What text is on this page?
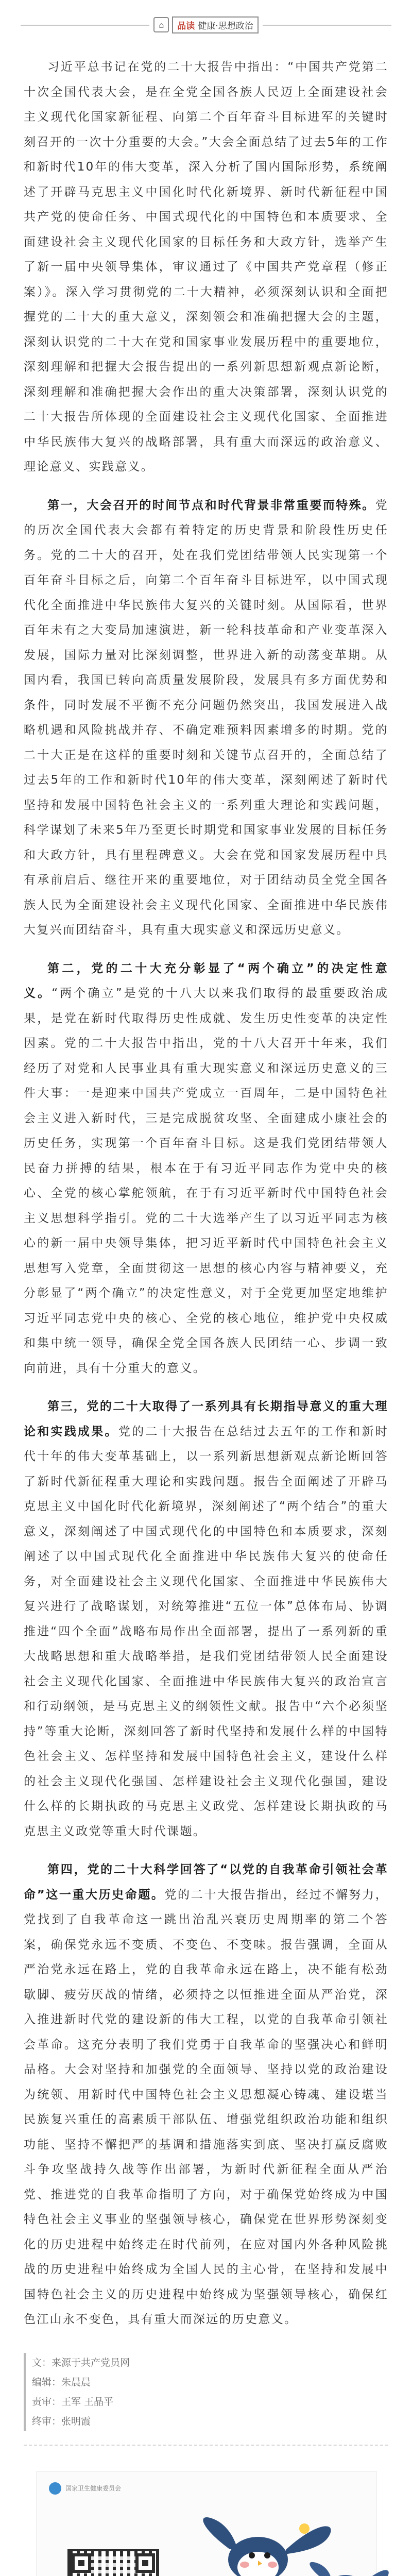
⌂	品读 健康·思想政治

习近平总书记在党的二十大报告中指出：“中国共产党第二十次全国代表大会，是在全党全国各族人民迈上全面建设社会主义现代化国家新征程、向第二个百年奋斗目标进军的关键时刻召开的一次十分重要的大会。”大会全面总结了过去5年的工作和新时代10年的伟大变革，深入分析了国内国际形势，系统阐述了开辟马克思主义中国化时代化新境界、新时代新征程中国共产党的使命任务、中国式现代化的中国特色和本质要求、全面建设社会主义现代化国家的目标任务和大政方针，选举产生了新一届中央领导集体，审议通过了《中国共产党章程（修正案）》。深入学习贯彻党的二十大精神，必须深刻认识和全面把握党的二十大的重大意义，深刻领会和准确把握大会的主题，深刻认识党的二十大在党和国家事业发展历程中的重要地位，深刻理解和把握大会报告提出的一系列新思想新观点新论断，深刻理解和准确把握大会作出的重大决策部署，深刻认识党的二十大报告所体现的全面建设社会主义现代化国家、全面推进中华民族伟大复兴的战略部署，具有重大而深远的政治意义、理论意义、实践意义。

第一，大会召开的时间节点和时代背景非常重要而特殊。党的历次全国代表大会都有着特定的历史背景和阶段性历史任务。党的二十大的召开，处在我们党团结带领人民实现第一个百年奋斗目标之后，向第二个百年奋斗目标进军，以中国式现代化全面推进中华民族伟大复兴的关键时刻。从国际看，世界百年未有之大变局加速演进，新一轮科技革命和产业变革深入发展，国际力量对比深刻调整，世界进入新的动荡变革期。从国内看，我国已转向高质量发展阶段，发展具有多方面优势和条件，同时发展不平衡不充分问题仍然突出，我国发展进入战略机遇和风险挑战并存、不确定难预料因素增多的时期。党的二十大正是在这样的重要时刻和关键节点召开的，全面总结了过去5年的工作和新时代10年的伟大变革，深刻阐述了新时代坚持和发展中国特色社会主义的一系列重大理论和实践问题，科学谋划了未来5年乃至更长时期党和国家事业发展的目标任务和大政方针，具有里程碑意义。大会在党和国家发展历程中具有承前启后、继往开来的重要地位，对于团结动员全党全国各族人民为全面建设社会主义现代化国家、全面推进中华民族伟大复兴而团结奋斗，具有重大现实意义和深远历史意义。

第二，党的二十大充分彰显了“两个确立”的决定性意义。“两个确立”是党的十八大以来我们取得的最重要政治成果，是党在新时代取得历史性成就、发生历史性变革的决定性因素。党的二十大报告中指出，党的十八大召开十年来，我们经历了对党和人民事业具有重大现实意义和深远历史意义的三件大事：一是迎来中国共产党成立一百周年，二是中国特色社会主义进入新时代，三是完成脱贫攻坚、全面建成小康社会的历史任务，实现第一个百年奋斗目标。这是我们党团结带领人民奋力拼搏的结果，根本在于有习近平同志作为党中央的核心、全党的核心掌舵领航，在于有习近平新时代中国特色社会主义思想科学指引。党的二十大选举产生了以习近平同志为核心的新一届中央领导集体，把习近平新时代中国特色社会主义思想写入党章，全面贯彻这一思想的核心内容与精神要义，充分彰显了“两个确立”的决定性意义，对于全党更加坚定地维护习近平同志党中央的核心、全党的核心地位，维护党中央权威和集中统一领导，确保全党全国各族人民团结一心、步调一致向前进，具有十分重大的意义。

第三，党的二十大取得了一系列具有长期指导意义的重大理论和实践成果。党的二十大报告在总结过去五年的工作和新时代十年的伟大变革基础上，以一系列新思想新观点新论断回答了新时代新征程重大理论和实践问题。报告全面阐述了开辟马克思主义中国化时代化新境界，深刻阐述了“两个结合”的重大意义，深刻阐述了中国式现代化的中国特色和本质要求，深刻阐述了以中国式现代化全面推进中华民族伟大复兴的使命任务，对全面建设社会主义现代化国家、全面推进中华民族伟大复兴进行了战略谋划，对统筹推进“五位一体”总体布局、协调推进“四个全面”战略布局作出全面部署，提出了一系列新的重大战略思想和重大战略举措，是我们党团结带领人民全面建设社会主义现代化国家、全面推进中华民族伟大复兴的政治宣言和行动纲领，是马克思主义的纲领性文献。报告中“六个必须坚持”等重大论断，深刻回答了新时代坚持和发展什么样的中国特色社会主义、怎样坚持和发展中国特色社会主义，建设什么样的社会主义现代化强国、怎样建设社会主义现代化强国，建设什么样的长期执政的马克思主义政党、怎样建设长期执政的马克思主义政党等重大时代课题。

第四，党的二十大科学回答了“以党的自我革命引领社会革命”这一重大历史命题。党的二十大报告指出，经过不懈努力，党找到了自我革命这一跳出治乱兴衰历史周期率的第二个答案，确保党永远不变质、不变色、不变味。报告强调，全面从严治党永远在路上，党的自我革命永远在路上，决不能有松劲歇脚、疲劳厌战的情绪，必须持之以恒推进全面从严治党，深入推进新时代党的建设新的伟大工程，以党的自我革命引领社会革命。这充分表明了我们党勇于自我革命的坚强决心和鲜明品格。大会对坚持和加强党的全面领导、坚持以党的政治建设为统领、用新时代中国特色社会主义思想凝心铸魂、建设堪当民族复兴重任的高素质干部队伍、增强党组织政治功能和组织功能、坚持不懈把严的基调和措施落实到底、坚决打赢反腐败斗争攻坚战持久战等作出部署，为新时代新征程全面从严治党、推进党的自我革命指明了方向，对于确保党始终成为中国特色社会主义事业的坚强领导核心，确保党在世界形势深刻变化的历史进程中始终走在时代前列，在应对国内外各种风险挑战的历史进程中始终成为全国人民的主心骨，在坚持和发展中国特色社会主义的历史进程中始终成为坚强领导核心，确保红色江山永不变色，具有重大而深远的历史意义。

文：来源于共产党员网
编辑：朱晨晨
责审：王军 王晶平
终审：张明霞
国家卫生健康委员会
